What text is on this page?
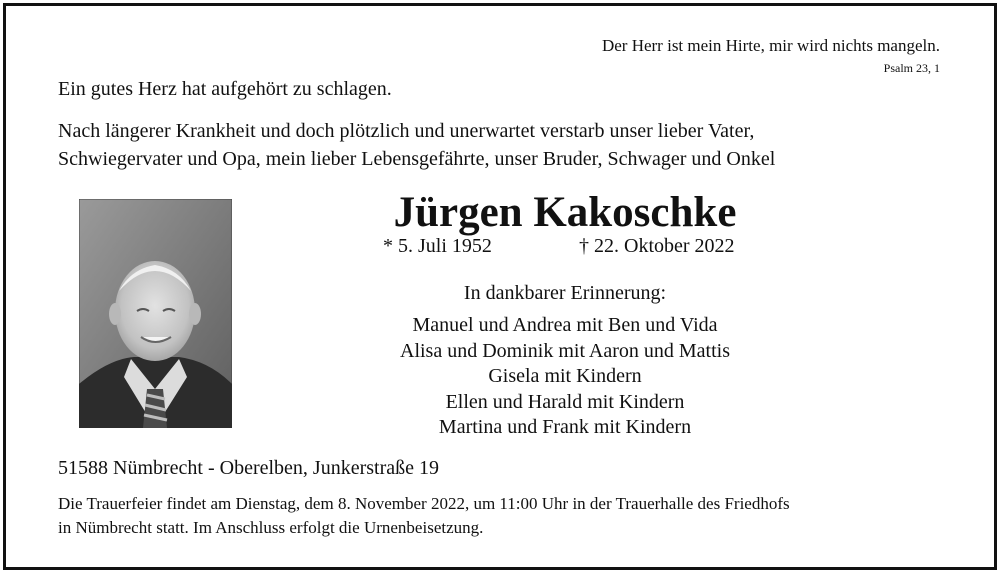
Der Herr ist mein Hirte, mir wird nichts mangeln.
Psalm 23, 1
Ein gutes Herz hat aufgehört zu schlagen.
Nach längerer Krankheit und doch plötzlich und unerwartet verstarb unser lieber Vater,
Schwiegervater und Opa, mein lieber Lebensgefährte, unser Bruder, Schwager und Onkel
Jürgen Kakoschke
* 5. Juli 1952	† 22. Oktober 2022
In dankbarer Erinnerung:
Manuel und Andrea mit Ben und Vida
Alisa und Dominik mit Aaron und Mattis
Gisela mit Kindern
Ellen und Harald mit Kindern
Martina und Frank mit Kindern
51588 Nümbrecht - Oberelben, Junkerstraße 19
Die Trauerfeier findet am Dienstag, dem 8. November 2022, um 11:00 Uhr in der Trauerhalle des Friedhofs
in Nümbrecht statt. Im Anschluss erfolgt die Urnenbeisetzung.
